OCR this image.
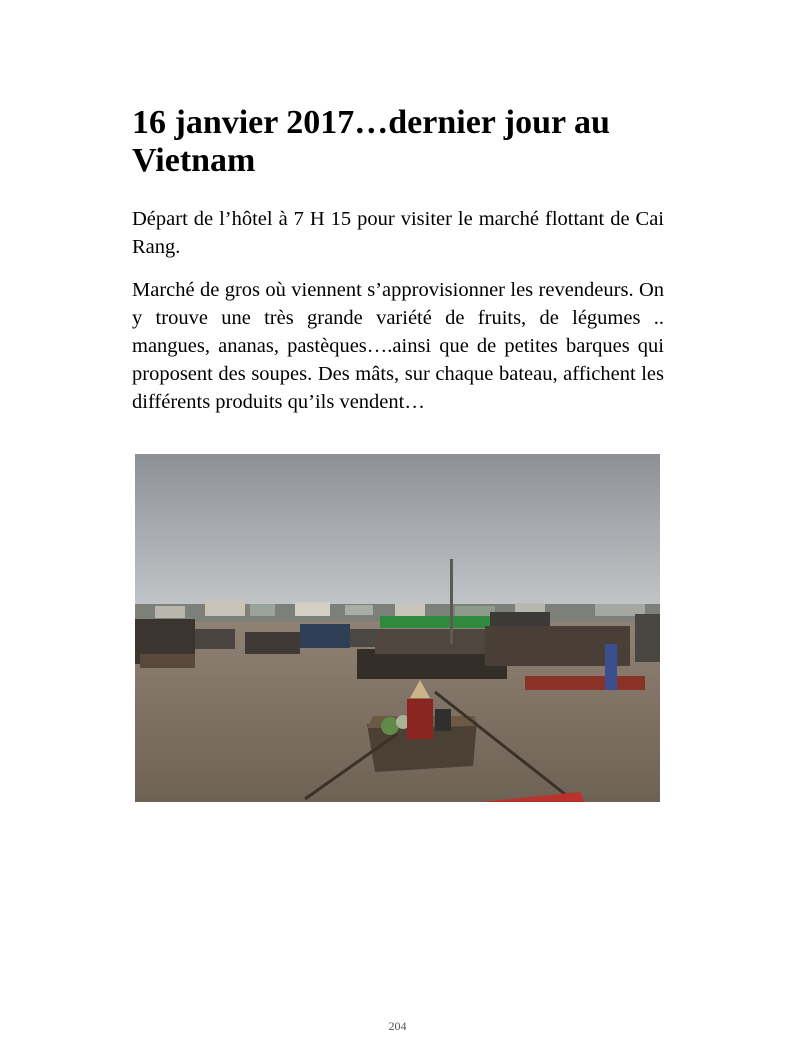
16 janvier 2017…dernier jour au Vietnam

Départ de l’hôtel à 7 H 15 pour visiter le marché flottant de Cai Rang.

Marché de gros où viennent s’approvisionner les revendeurs. On y trouve une très grande variété de fruits, de légumes .. mangues, ananas, pastèques….ainsi que de petites barques qui proposent des soupes. Des mâts, sur chaque bateau, affichent les différents produits qu’ils vendent…

204
